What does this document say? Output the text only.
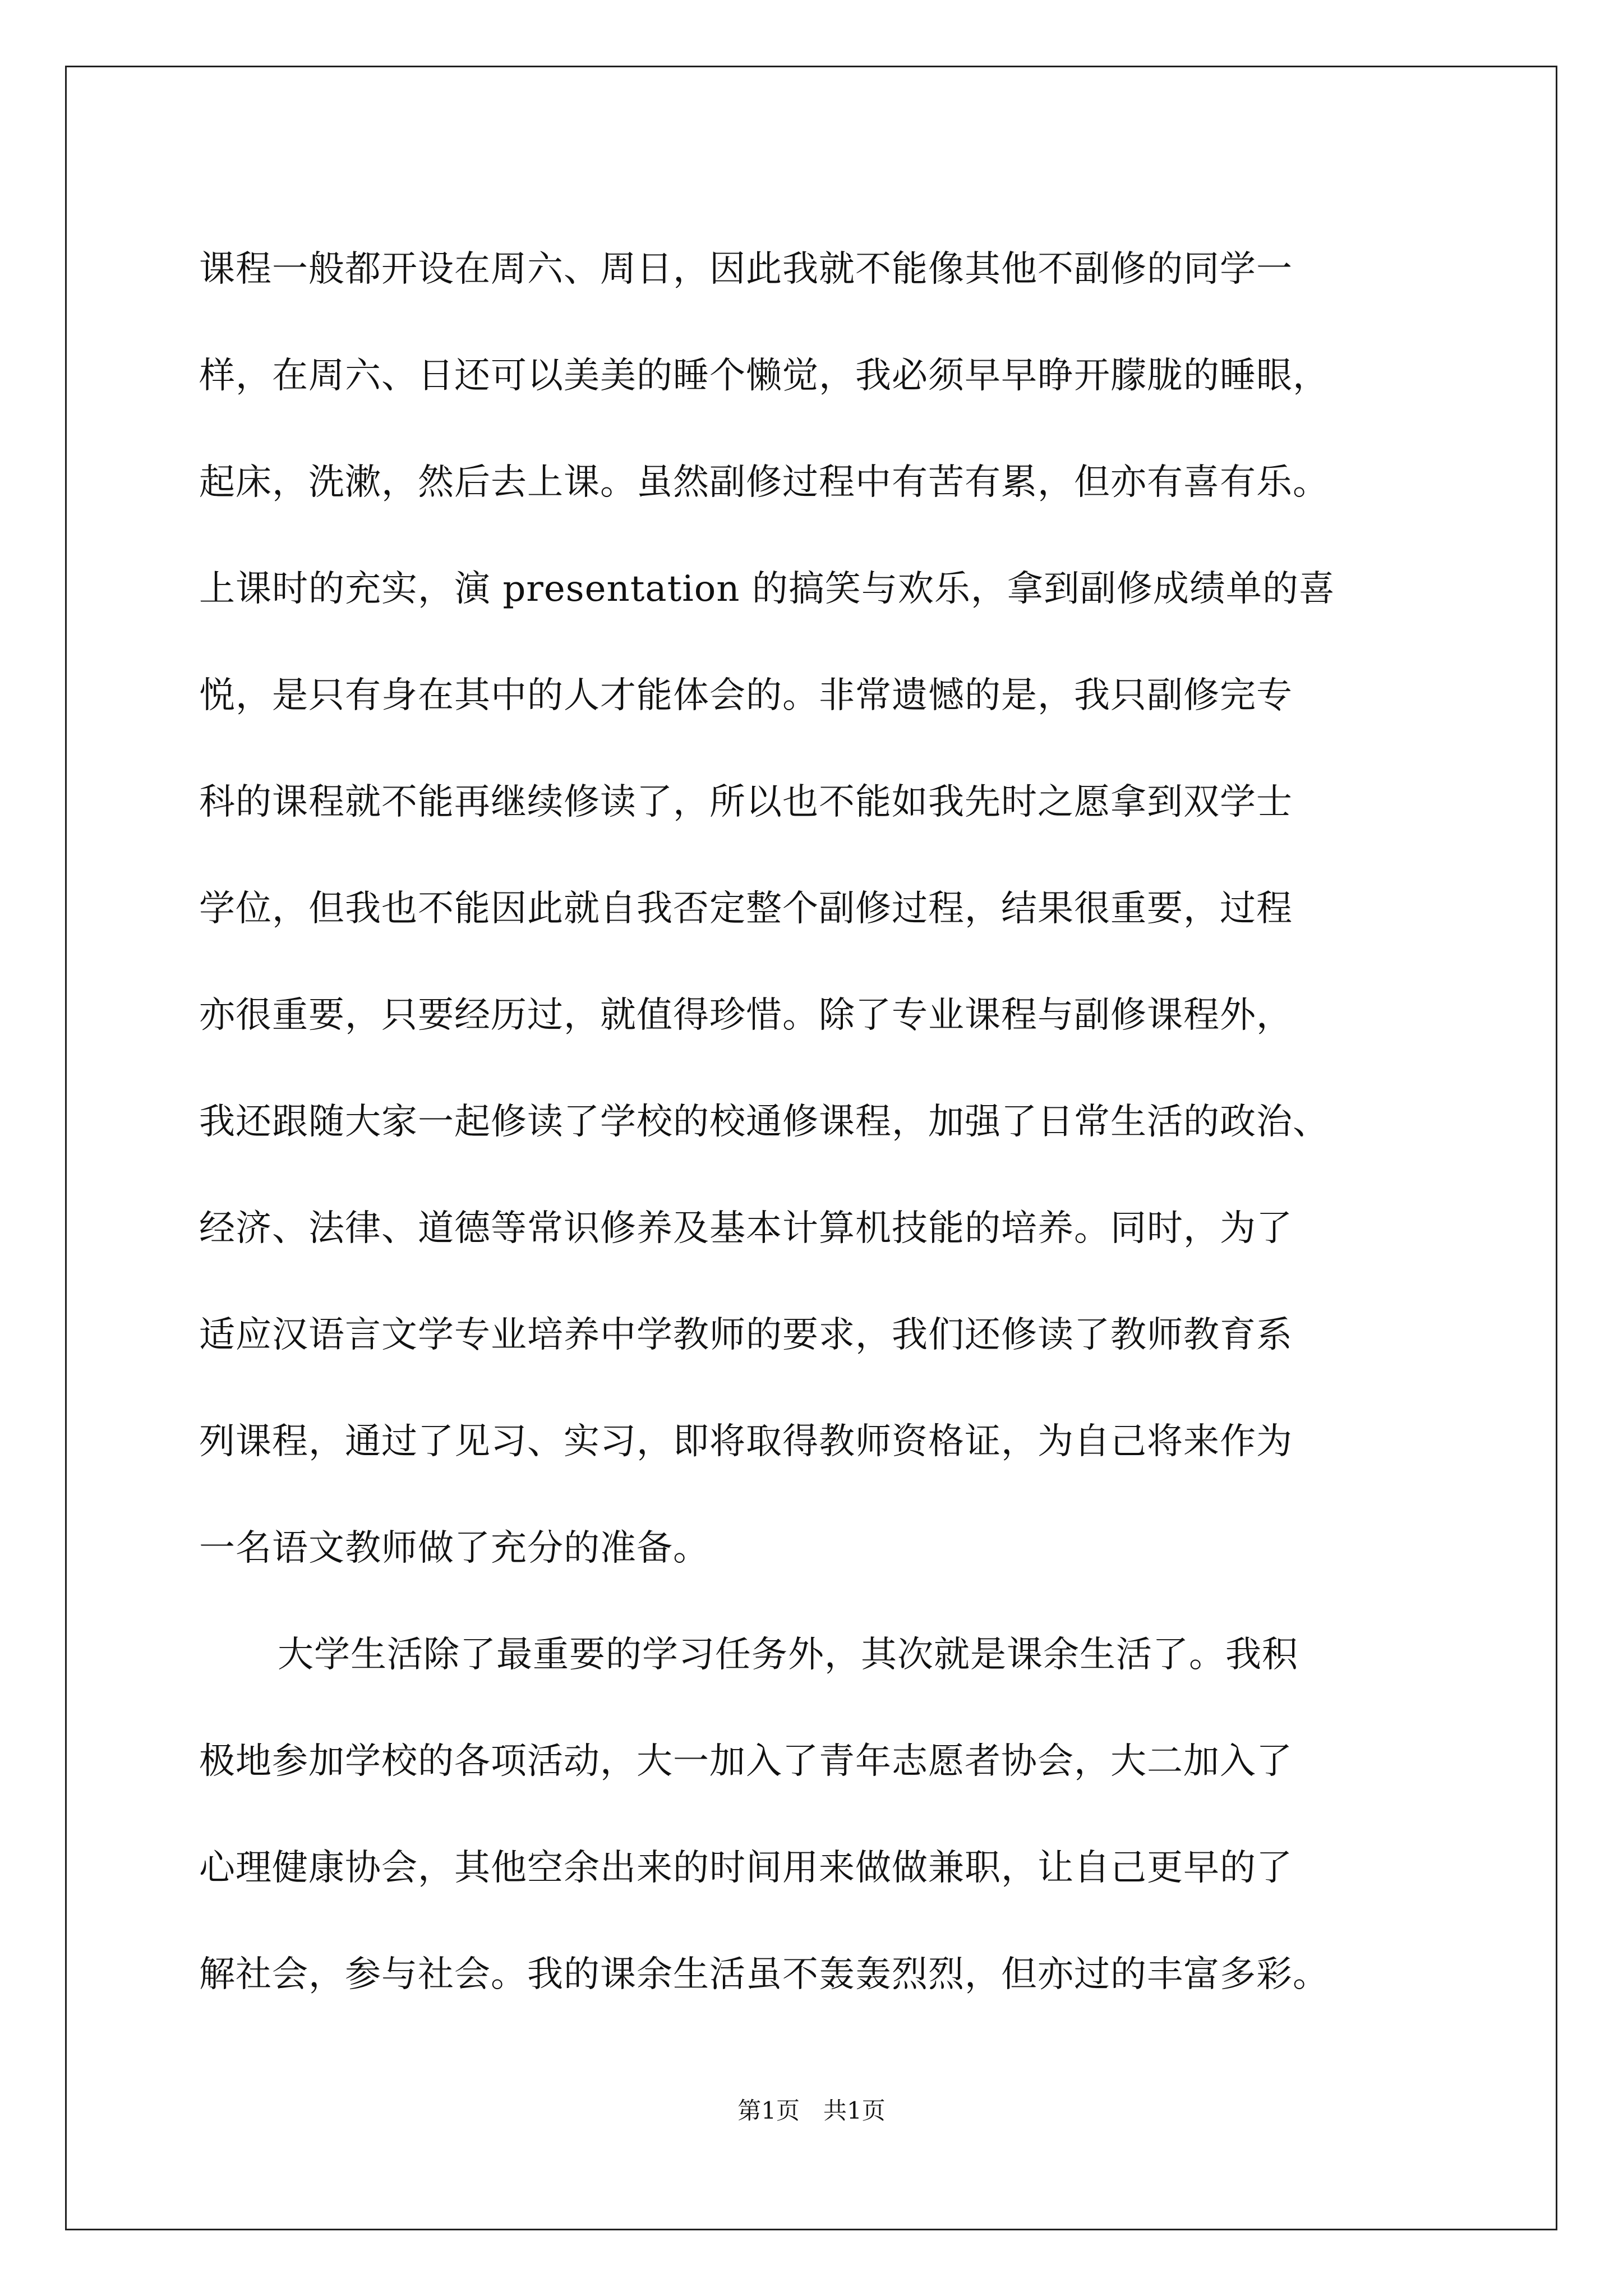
课程一般都开设在周六、周日，因此我就不能像其他不副修的同学一
样，在周六、日还可以美美的睡个懒觉，我必须早早睁开朦胧的睡眼，
起床，洗漱，然后去上课。虽然副修过程中有苦有累，但亦有喜有乐。
上课时的充实，演 presentation 的搞笑与欢乐，拿到副修成绩单的喜
悦，是只有身在其中的人才能体会的。非常遗憾的是，我只副修完专
科的课程就不能再继续修读了，所以也不能如我先时之愿拿到双学士
学位，但我也不能因此就自我否定整个副修过程，结果很重要，过程
亦很重要，只要经历过，就值得珍惜。除了专业课程与副修课程外，
我还跟随大家一起修读了学校的校通修课程，加强了日常生活的政治、
经济、法律、道德等常识修养及基本计算机技能的培养。同时，为了
适应汉语言文学专业培养中学教师的要求，我们还修读了教师教育系
列课程，通过了见习、实习，即将取得教师资格证，为自己将来作为
一名语文教师做了充分的准备。
大学生活除了最重要的学习任务外，其次就是课余生活了。我积
极地参加学校的各项活动，大一加入了青年志愿者协会，大二加入了
心理健康协会，其他空余出来的时间用来做做兼职，让自己更早的了
解社会，参与社会。我的课余生活虽不轰轰烈烈，但亦过的丰富多彩。
第1页　共1页
